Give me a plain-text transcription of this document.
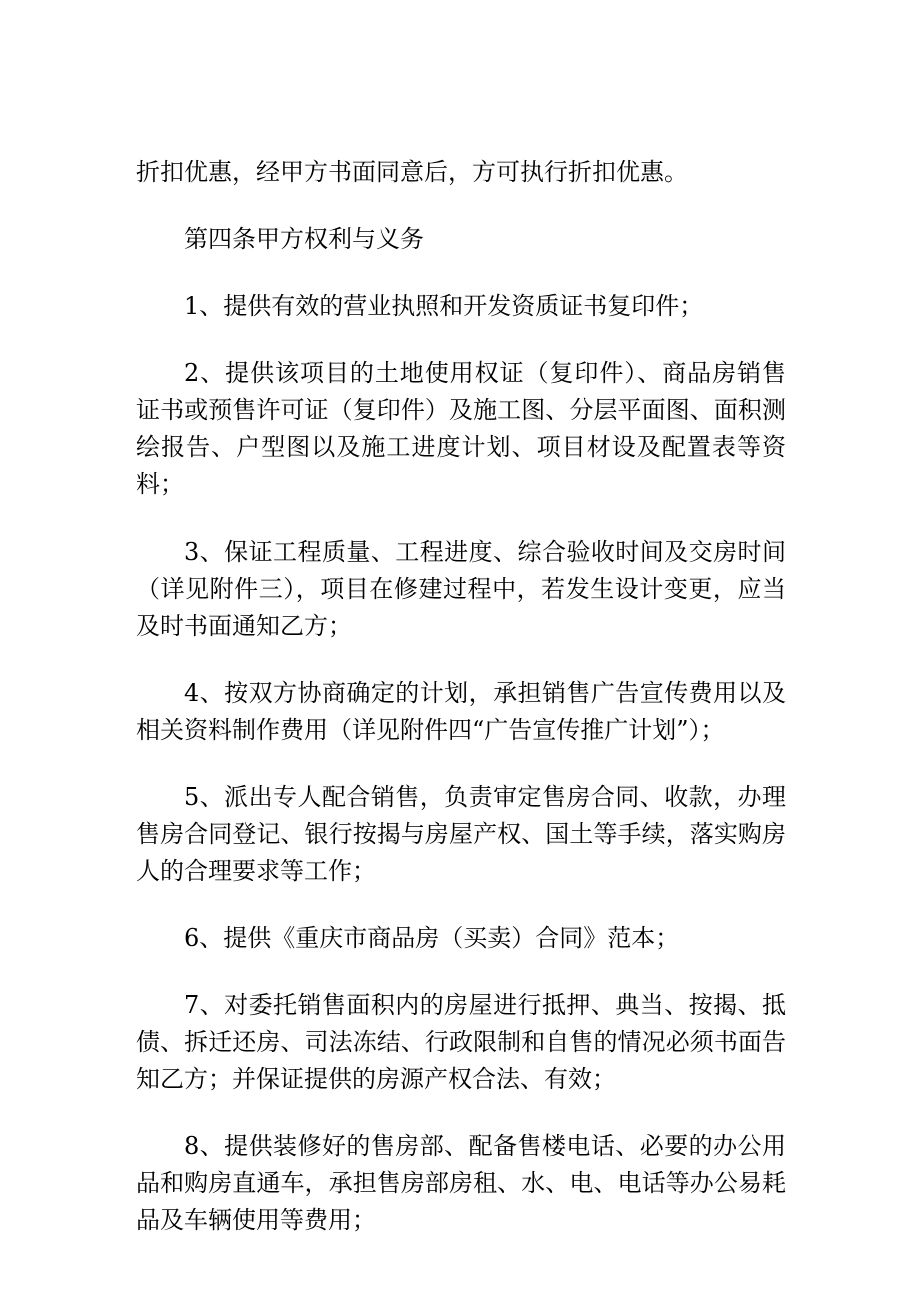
折扣优惠，经甲方书面同意后，方可执行折扣优惠。

第四条甲方权利与义务

1、提供有效的营业执照和开发资质证书复印件；

2、提供该项目的土地使用权证（复印件）、商品房销售证书或预售许可证（复印件）及施工图、分层平面图、面积测绘报告、户型图以及施工进度计划、项目材设及配置表等资料；

3、保证工程质量、工程进度、综合验收时间及交房时间（详见附件三），项目在修建过程中，若发生设计变更，应当及时书面通知乙方；

4、按双方协商确定的计划，承担销售广告宣传费用以及相关资料制作费用（详见附件四“广告宣传推广计划”）；

5、派出专人配合销售，负责审定售房合同、收款，办理售房合同登记、银行按揭与房屋产权、国土等手续，落实购房人的合理要求等工作；

6、提供《重庆市商品房（买卖）合同》范本；

7、对委托销售面积内的房屋进行抵押、典当、按揭、抵债、拆迁还房、司法冻结、行政限制和自售的情况必须书面告知乙方；并保证提供的房源产权合法、有效；

8、提供装修好的售房部、配备售楼电话、必要的办公用品和购房直通车，承担售房部房租、水、电、电话等办公易耗品及车辆使用等费用；
